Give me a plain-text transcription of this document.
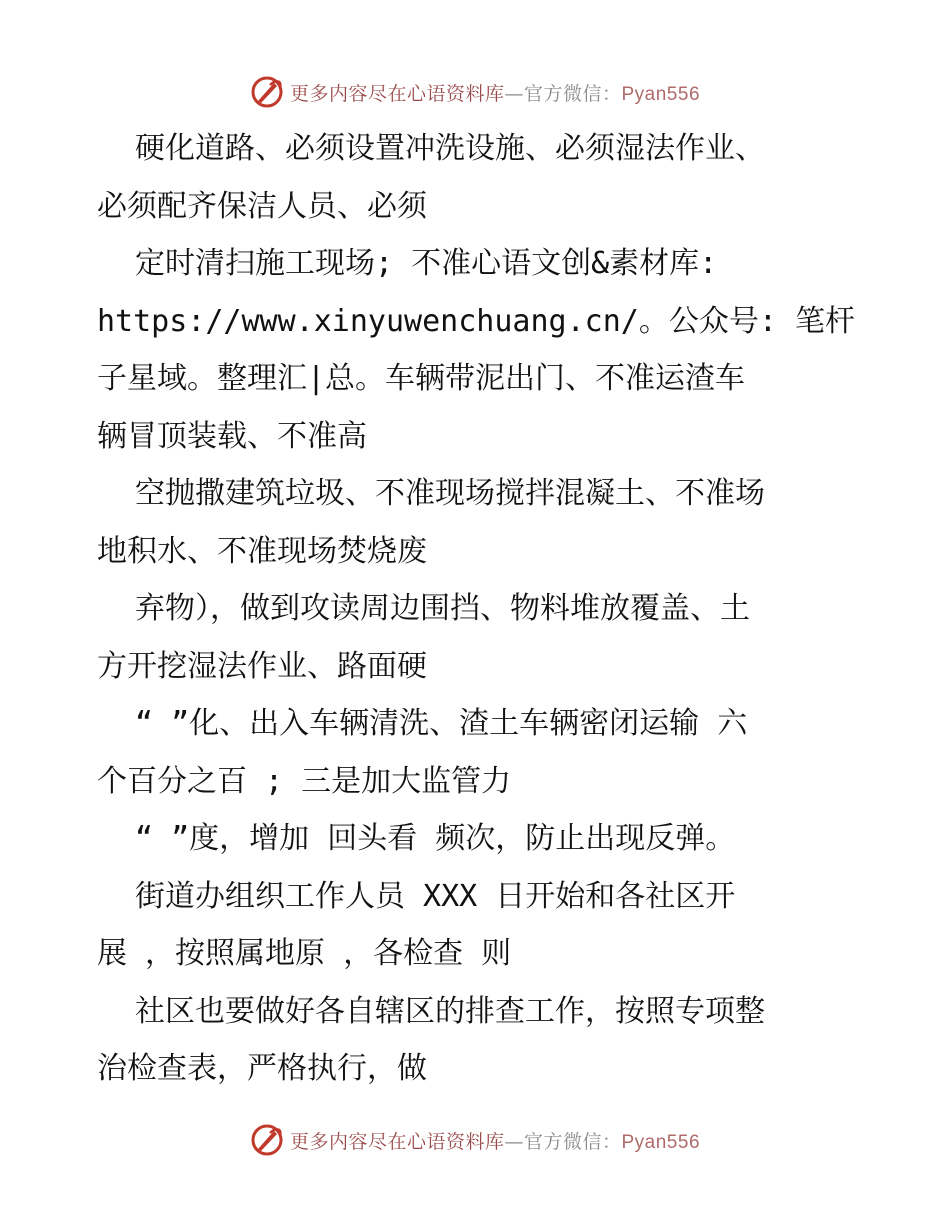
更多内容尽在心语资料库—官方微信：Pyan556
硬化道路、必须设置冲洗设施、必须湿法作业、
必须配齐保洁人员、必须
定时清扫施工现场; 不准心语文创&素材库:
https://www.xinyuwenchuang.cn/。公众号: 笔杆
子星域。整理汇|总。车辆带泥出门、不准运渣车
辆冒顶装载、不准高
空抛撒建筑垃圾、不准现场搅拌混凝土、不准场
地积水、不准现场焚烧废
弃物），做到攻读周边围挡、物料堆放覆盖、土
方开挖湿法作业、路面硬
“ ”化、出入车辆清洗、渣土车辆密闭运输 六
个百分之百 ; 三是加大监管力
“ ”度，增加 回头看 频次，防止出现反弹。
街道办组织工作人员 XXX 日开始和各社区开
展 ，按照属地原 ，各检查 则
社区也要做好各自辖区的排查工作，按照专项整
治检查表，严格执行，做
更多内容尽在心语资料库—官方微信：Pyan556
